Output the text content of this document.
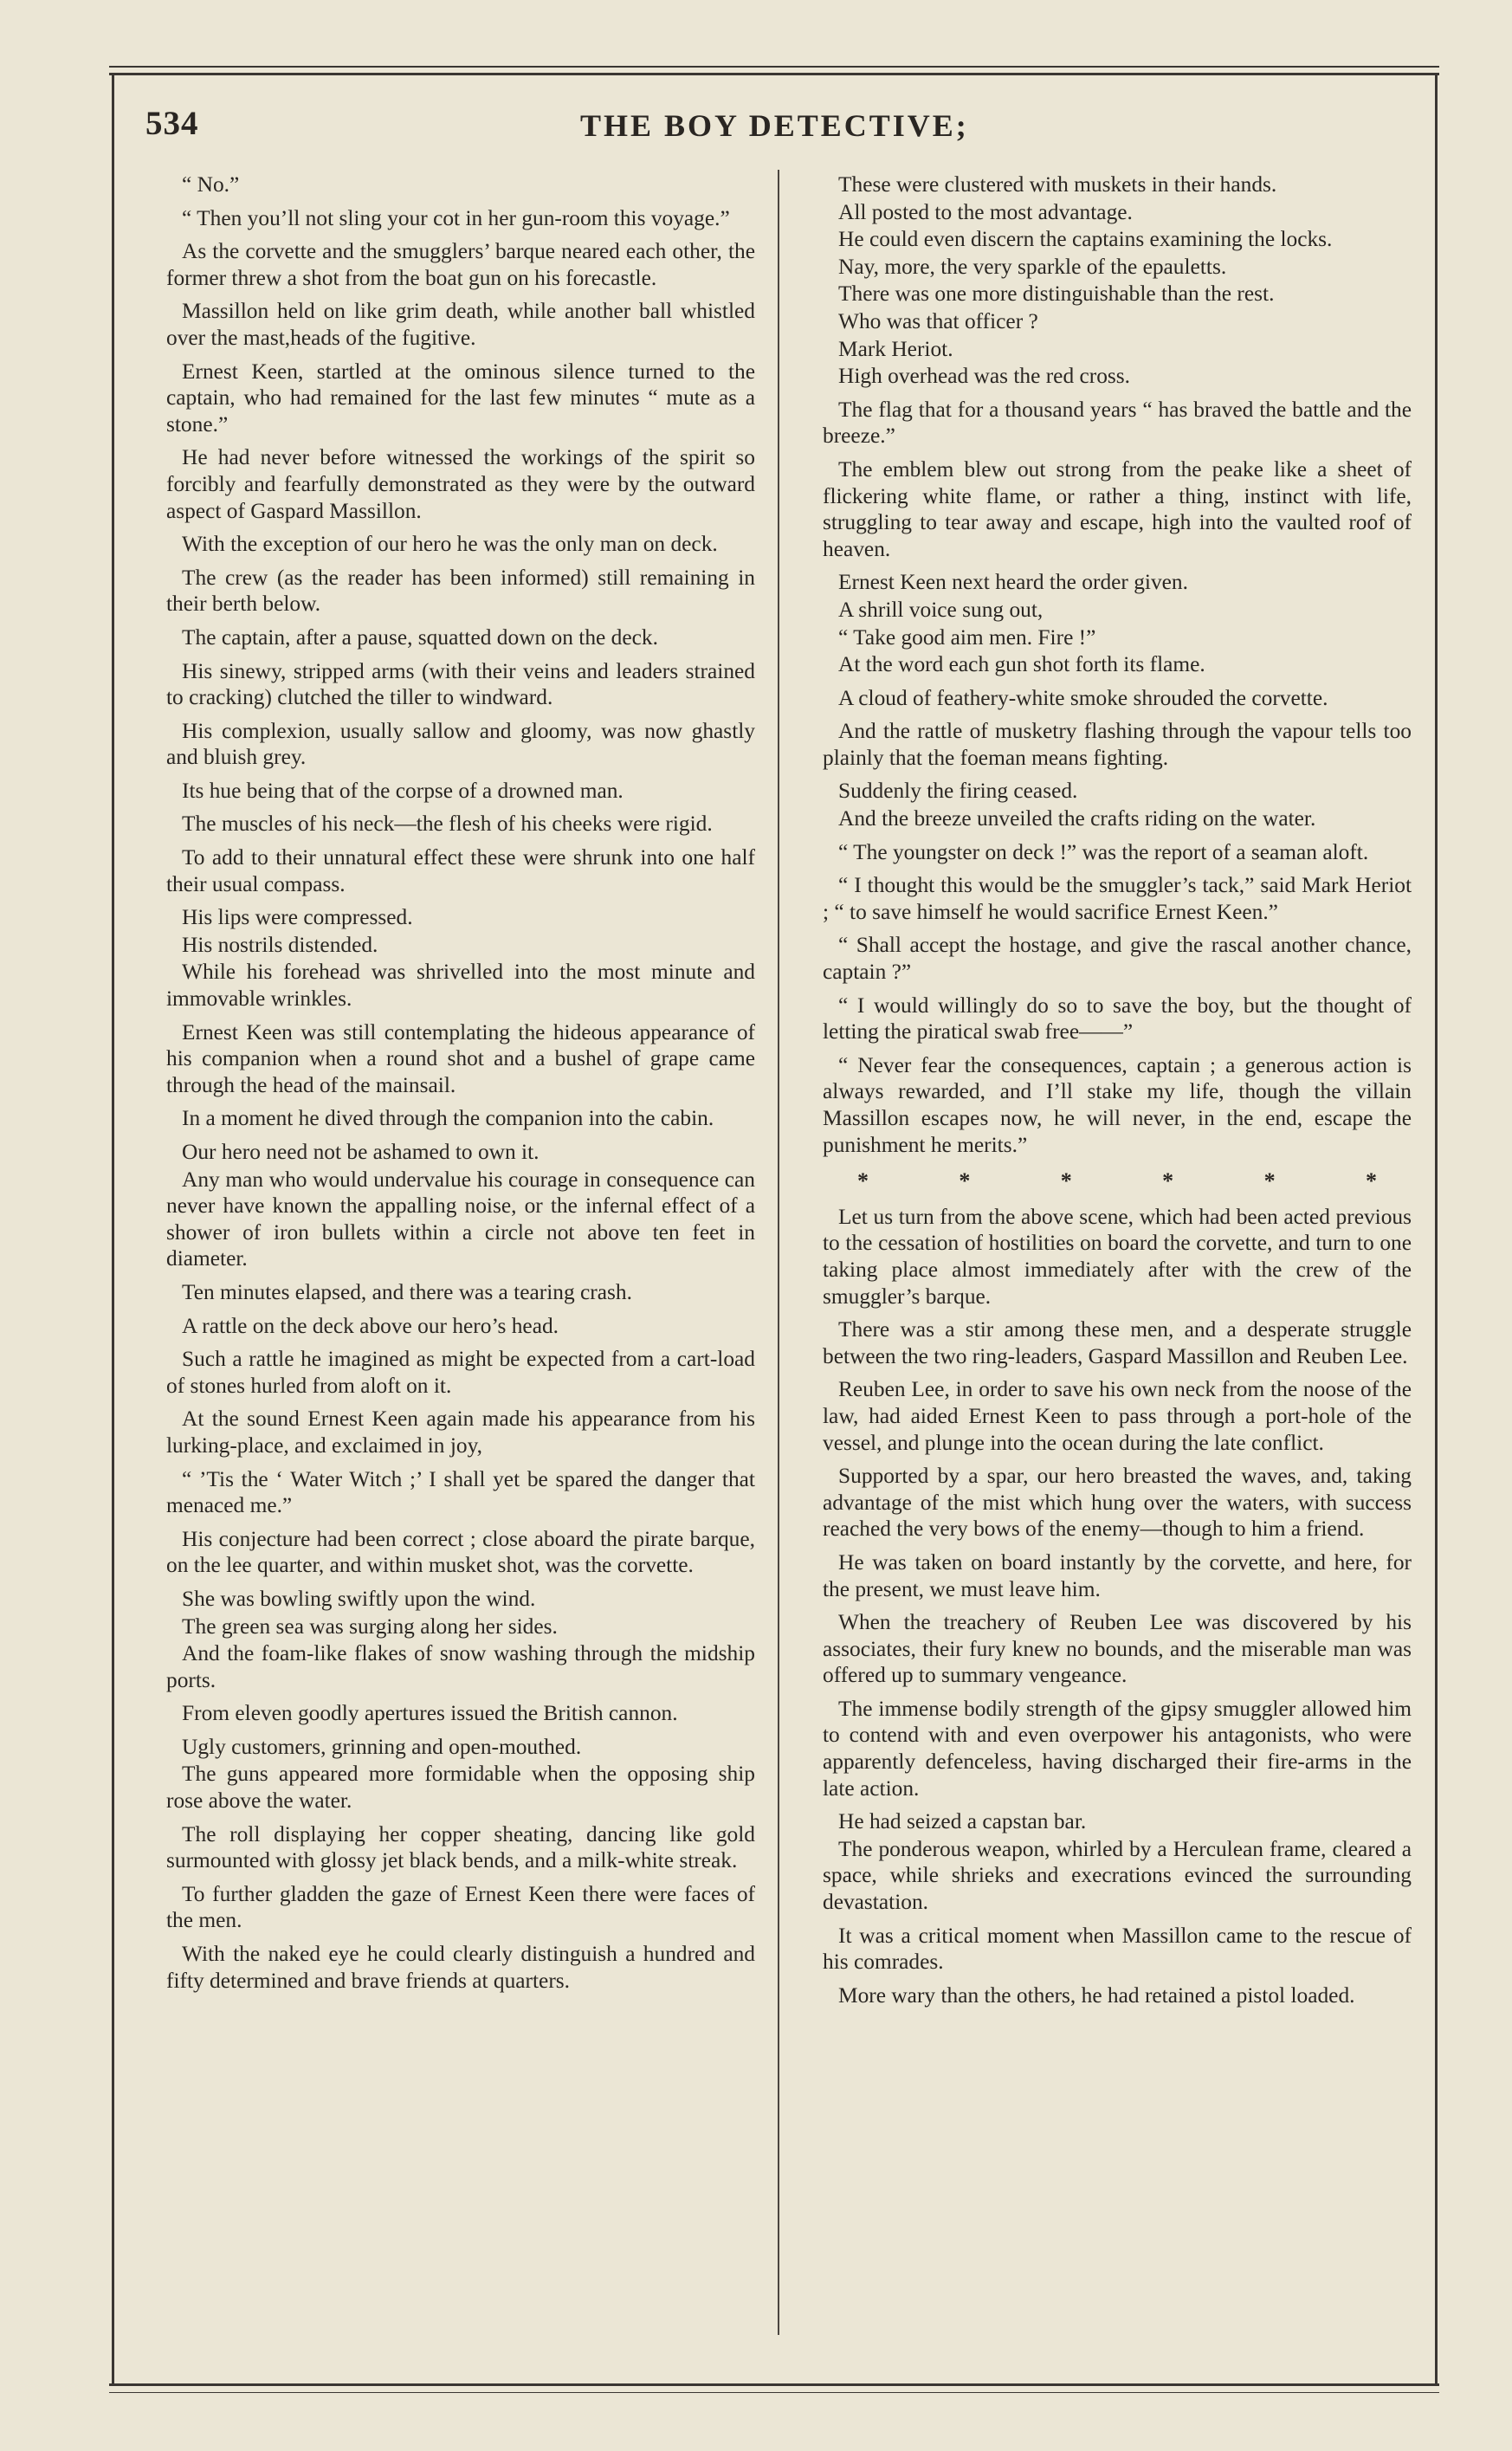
534	THE BOY DETECTIVE;

“ No.”

“ Then you’ll not sling your cot in her gun-room this voyage.”

As the corvette and the smugglers’ barque neared each other, the former threw a shot from the boat gun on his forecastle.

Massillon held on like grim death, while another ball whistled over the mast,heads of the fugitive.

Ernest Keen, startled at the ominous silence turned to the captain, who had remained for the last few minutes “ mute as a stone.”

He had never before witnessed the workings of the spirit so forcibly and fearfully demonstrated as they were by the outward aspect of Gaspard Massillon.

With the exception of our hero he was the only man on deck.

The crew (as the reader has been informed) still remaining in their berth below.

The captain, after a pause, squatted down on the deck.

His sinewy, stripped arms (with their veins and leaders strained to cracking) clutched the tiller to windward.

His complexion, usually sallow and gloomy, was now ghastly and bluish grey.

Its hue being that of the corpse of a drowned man.

The muscles of his neck—the flesh of his cheeks were rigid.

To add to their unnatural effect these were shrunk into one half their usual compass.

His lips were compressed.

His nostrils distended.

While his forehead was shrivelled into the most minute and immovable wrinkles.

Ernest Keen was still contemplating the hideous appearance of his companion when a round shot and a bushel of grape came through the head of the mainsail.

In a moment he dived through the companion into the cabin.

Our hero need not be ashamed to own it.

Any man who would undervalue his courage in consequence can never have known the appalling noise, or the infernal effect of a shower of iron bullets within a circle not above ten feet in diameter.

Ten minutes elapsed, and there was a tearing crash.

A rattle on the deck above our hero’s head.

Such a rattle he imagined as might be expected from a cart-load of stones hurled from aloft on it.

At the sound Ernest Keen again made his appearance from his lurking-place, and exclaimed in joy,

“ ’Tis the ‘ Water Witch ;’ I shall yet be spared the danger that menaced me.”

His conjecture had been correct ; close aboard the pirate barque, on the lee quarter, and within musket shot, was the corvette.

She was bowling swiftly upon the wind.

The green sea was surging along her sides.

And the foam-like flakes of snow washing through the midship ports.

From eleven goodly apertures issued the British cannon.

Ugly customers, grinning and open-mouthed.

The guns appeared more formidable when the opposing ship rose above the water.

The roll displaying her copper sheating, dancing like gold surmounted with glossy jet black bends, and a milk-white streak.

To further gladden the gaze of Ernest Keen there were faces of the men.

With the naked eye he could clearly distinguish a hundred and fifty determined and brave friends at quarters.

These were clustered with muskets in their hands.

All posted to the most advantage.

He could even discern the captains examining the locks.

Nay, more, the very sparkle of the epauletts.

There was one more distinguishable than the rest.

Who was that officer ?

Mark Heriot.

High overhead was the red cross.

The flag that for a thousand years “ has braved the battle and the breeze.”

The emblem blew out strong from the peake like a sheet of flickering white flame, or rather a thing, instinct with life, struggling to tear away and escape, high into the vaulted roof of heaven.

Ernest Keen next heard the order given.

A shrill voice sung out,

“ Take good aim men. Fire !”

At the word each gun shot forth its flame.

A cloud of feathery-white smoke shrouded the corvette.

And the rattle of musketry flashing through the vapour tells too plainly that the foeman means fighting.

Suddenly the firing ceased.

And the breeze unveiled the crafts riding on the water.

“ The youngster on deck !” was the report of a seaman aloft.

“ I thought this would be the smuggler’s tack,” said Mark Heriot ; “ to save himself he would sacrifice Ernest Keen.”

“ Shall accept the hostage, and give the rascal another chance, captain ?”

“ I would willingly do so to save the boy, but the thought of letting the piratical swab free——”

“ Never fear the consequences, captain ; a generous action is always rewarded, and I’ll stake my life, though the villain Massillon escapes now, he will never, in the end, escape the punishment he merits.”

*	*	*	*	*	*

Let us turn from the above scene, which had been acted previous to the cessation of hostilities on board the corvette, and turn to one taking place almost immediately after with the crew of the smuggler’s barque.

There was a stir among these men, and a desperate struggle between the two ring-leaders, Gaspard Massillon and Reuben Lee.

Reuben Lee, in order to save his own neck from the noose of the law, had aided Ernest Keen to pass through a port-hole of the vessel, and plunge into the ocean during the late conflict.

Supported by a spar, our hero breasted the waves, and, taking advantage of the mist which hung over the waters, with success reached the very bows of the enemy—though to him a friend.

He was taken on board instantly by the corvette, and here, for the present, we must leave him.

When the treachery of Reuben Lee was discovered by his associates, their fury knew no bounds, and the miserable man was offered up to summary vengeance.

The immense bodily strength of the gipsy smuggler allowed him to contend with and even overpower his antagonists, who were apparently defenceless, having discharged their fire-arms in the late action.

He had seized a capstan bar.

The ponderous weapon, whirled by a Herculean frame, cleared a space, while shrieks and execrations evinced the surrounding devastation.

It was a critical moment when Massillon came to the rescue of his comrades.

More wary than the others, he had retained a pistol loaded.
